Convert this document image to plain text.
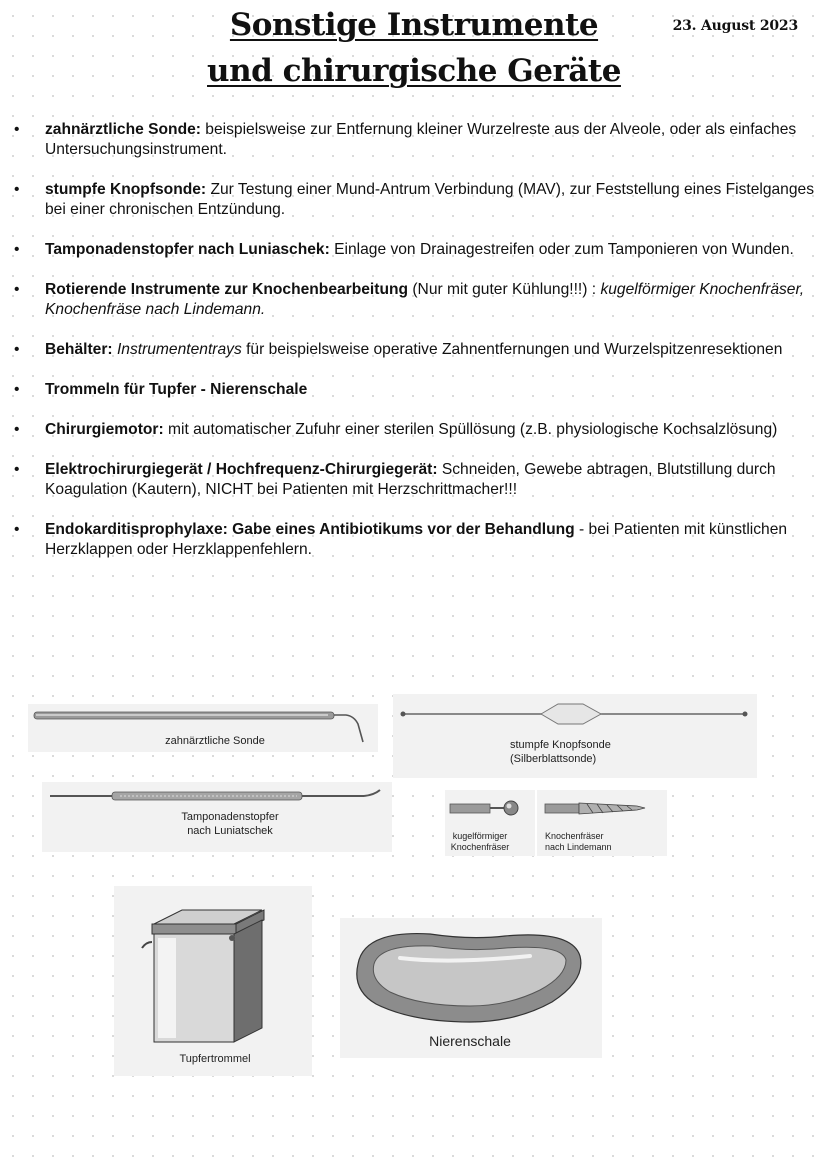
Sonstige Instrumente
und chirurgische Geräte
23. August 2023
• zahnärztliche Sonde: beispielsweise zur Entfernung kleiner Wurzelreste aus der Alveole, oder als einfaches Untersuchungsinstrument.
• stumpfe Knopfsonde: Zur Testung einer Mund-Antrum Verbindung (MAV), zur Feststellung eines Fistelganges bei einer chronischen Entzündung.
• Tamponadenstopfer nach Luniaschek: Einlage von Drainagestreifen oder zum Tamponieren von Wunden.
• Rotierende Instrumente zur Knochenbearbeitung (Nur mit guter Kühlung!!!) : kugelförmiger Knochenfräser, Knochenfräse nach Lindemann.
• Behälter: Instrumententrays für beispielsweise operative Zahnentfernungen und Wurzelspitzenresektionen
• Trommeln für Tupfer - Nierenschale
• Chirurgiemotor: mit automatischer Zufuhr einer sterilen Spüllösung (z.B. physiologische Kochsalzlösung)
• Elektrochirurgiegerät / Hochfrequenz-Chirurgiegerät: Schneiden, Gewebe abtragen, Blutstillung durch Koagulation (Kautern), NICHT bei Patienten mit Herzschrittmacher!!!
• Endokarditisprophylaxe: Gabe eines Antibiotikums vor der Behandlung - bei Patienten mit künstlichen Herzklappen oder Herzklappenfehlern.
zahnärztliche Sonde	stumpfe Knopfsonde
(Silberblattsonde)
Tamponadenstopfer
nach Luniatschek	kugelförmiger
Knochenfräser
Knochenfräser
nach Lindemann
Tupfertrommel
Nierenschale
